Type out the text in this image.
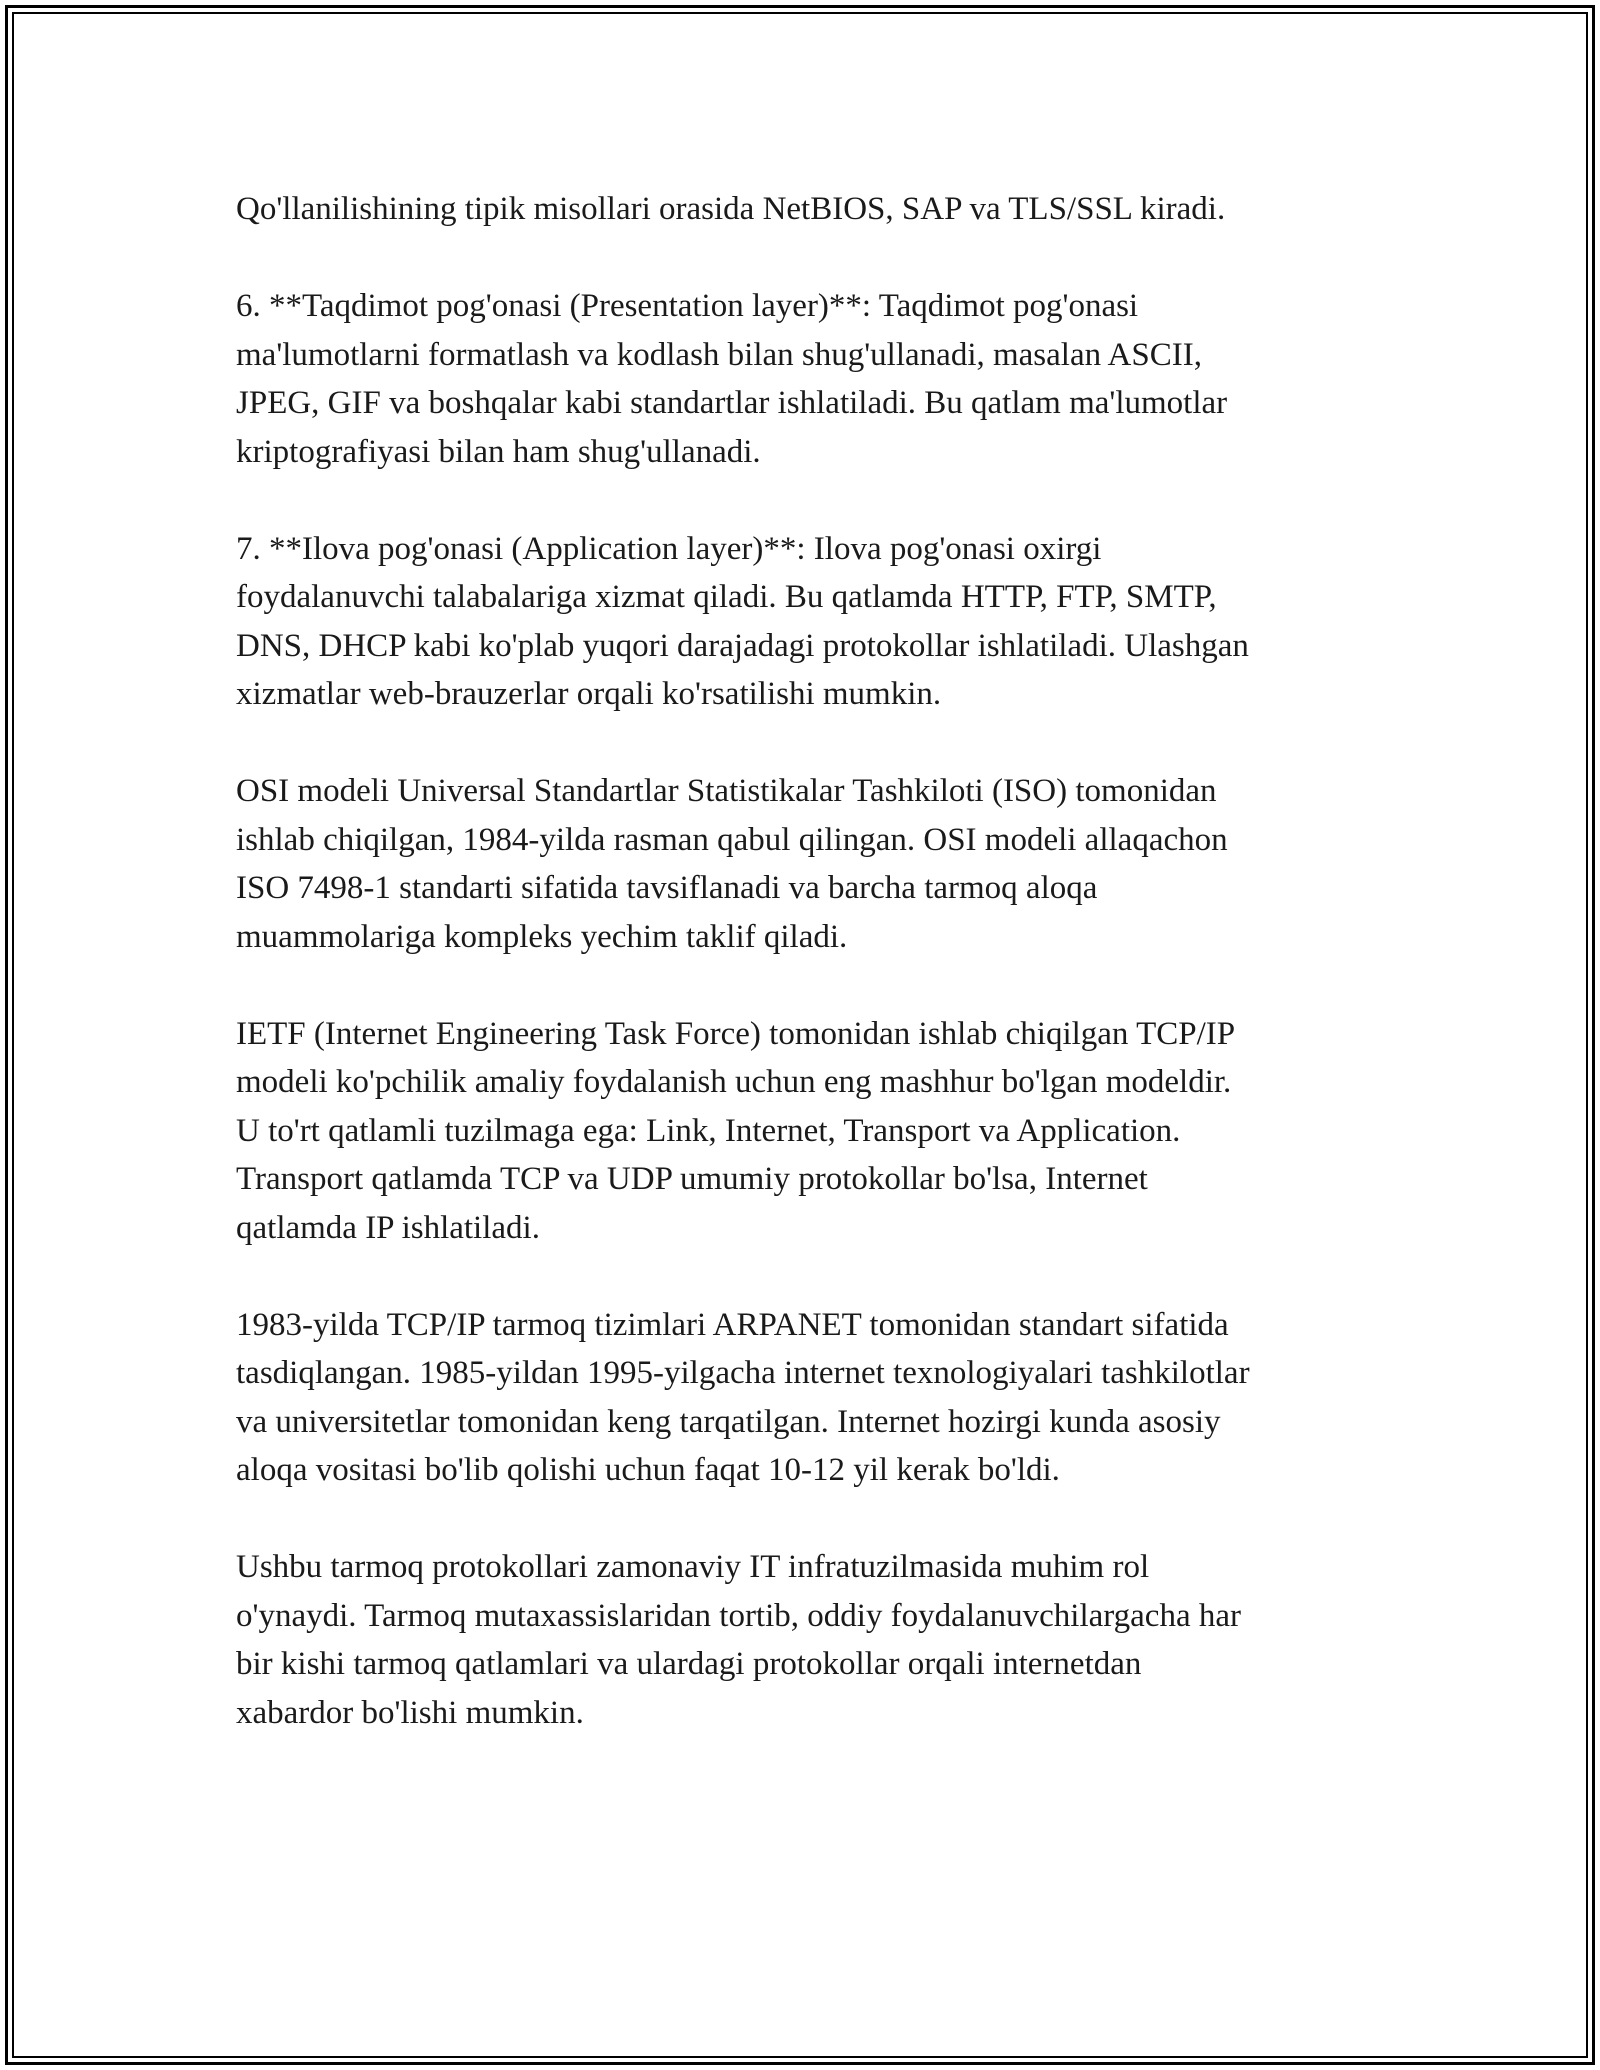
Qo'llanilishining tipik misollari orasida NetBIOS, SAP va TLS/SSL kiradi.

6. **Taqdimot pog'onasi (Presentation layer)**: Taqdimot pog'onasi
ma'lumotlarni formatlash va kodlash bilan shug'ullanadi, masalan ASCII,
JPEG, GIF va boshqalar kabi standartlar ishlatiladi. Bu qatlam ma'lumotlar
kriptografiyasi bilan ham shug'ullanadi.

7. **Ilova pog'onasi (Application layer)**: Ilova pog'onasi oxirgi
foydalanuvchi talabalariga xizmat qiladi. Bu qatlamda HTTP, FTP, SMTP,
DNS, DHCP kabi ko'plab yuqori darajadagi protokollar ishlatiladi. Ulashgan
xizmatlar web-brauzerlar orqali ko'rsatilishi mumkin.

OSI modeli Universal Standartlar Statistikalar Tashkiloti (ISO) tomonidan
ishlab chiqilgan, 1984-yilda rasman qabul qilingan. OSI modeli allaqachon
ISO 7498-1 standarti sifatida tavsiflanadi va barcha tarmoq aloqa
muammolariga kompleks yechim taklif qiladi.

IETF (Internet Engineering Task Force) tomonidan ishlab chiqilgan TCP/IP
modeli ko'pchilik amaliy foydalanish uchun eng mashhur bo'lgan modeldir.
U to'rt qatlamli tuzilmaga ega: Link, Internet, Transport va Application.
Transport qatlamda TCP va UDP umumiy protokollar bo'lsa, Internet
qatlamda IP ishlatiladi.

1983-yilda TCP/IP tarmoq tizimlari ARPANET tomonidan standart sifatida
tasdiqlangan. 1985-yildan 1995-yilgacha internet texnologiyalari tashkilotlar
va universitetlar tomonidan keng tarqatilgan. Internet hozirgi kunda asosiy
aloqa vositasi bo'lib qolishi uchun faqat 10-12 yil kerak bo'ldi.

Ushbu tarmoq protokollari zamonaviy IT infratuzilmasida muhim rol
o'ynaydi. Tarmoq mutaxassislaridan tortib, oddiy foydalanuvchilargacha har
bir kishi tarmoq qatlamlari va ulardagi protokollar orqali internetdan
xabardor bo'lishi mumkin.
